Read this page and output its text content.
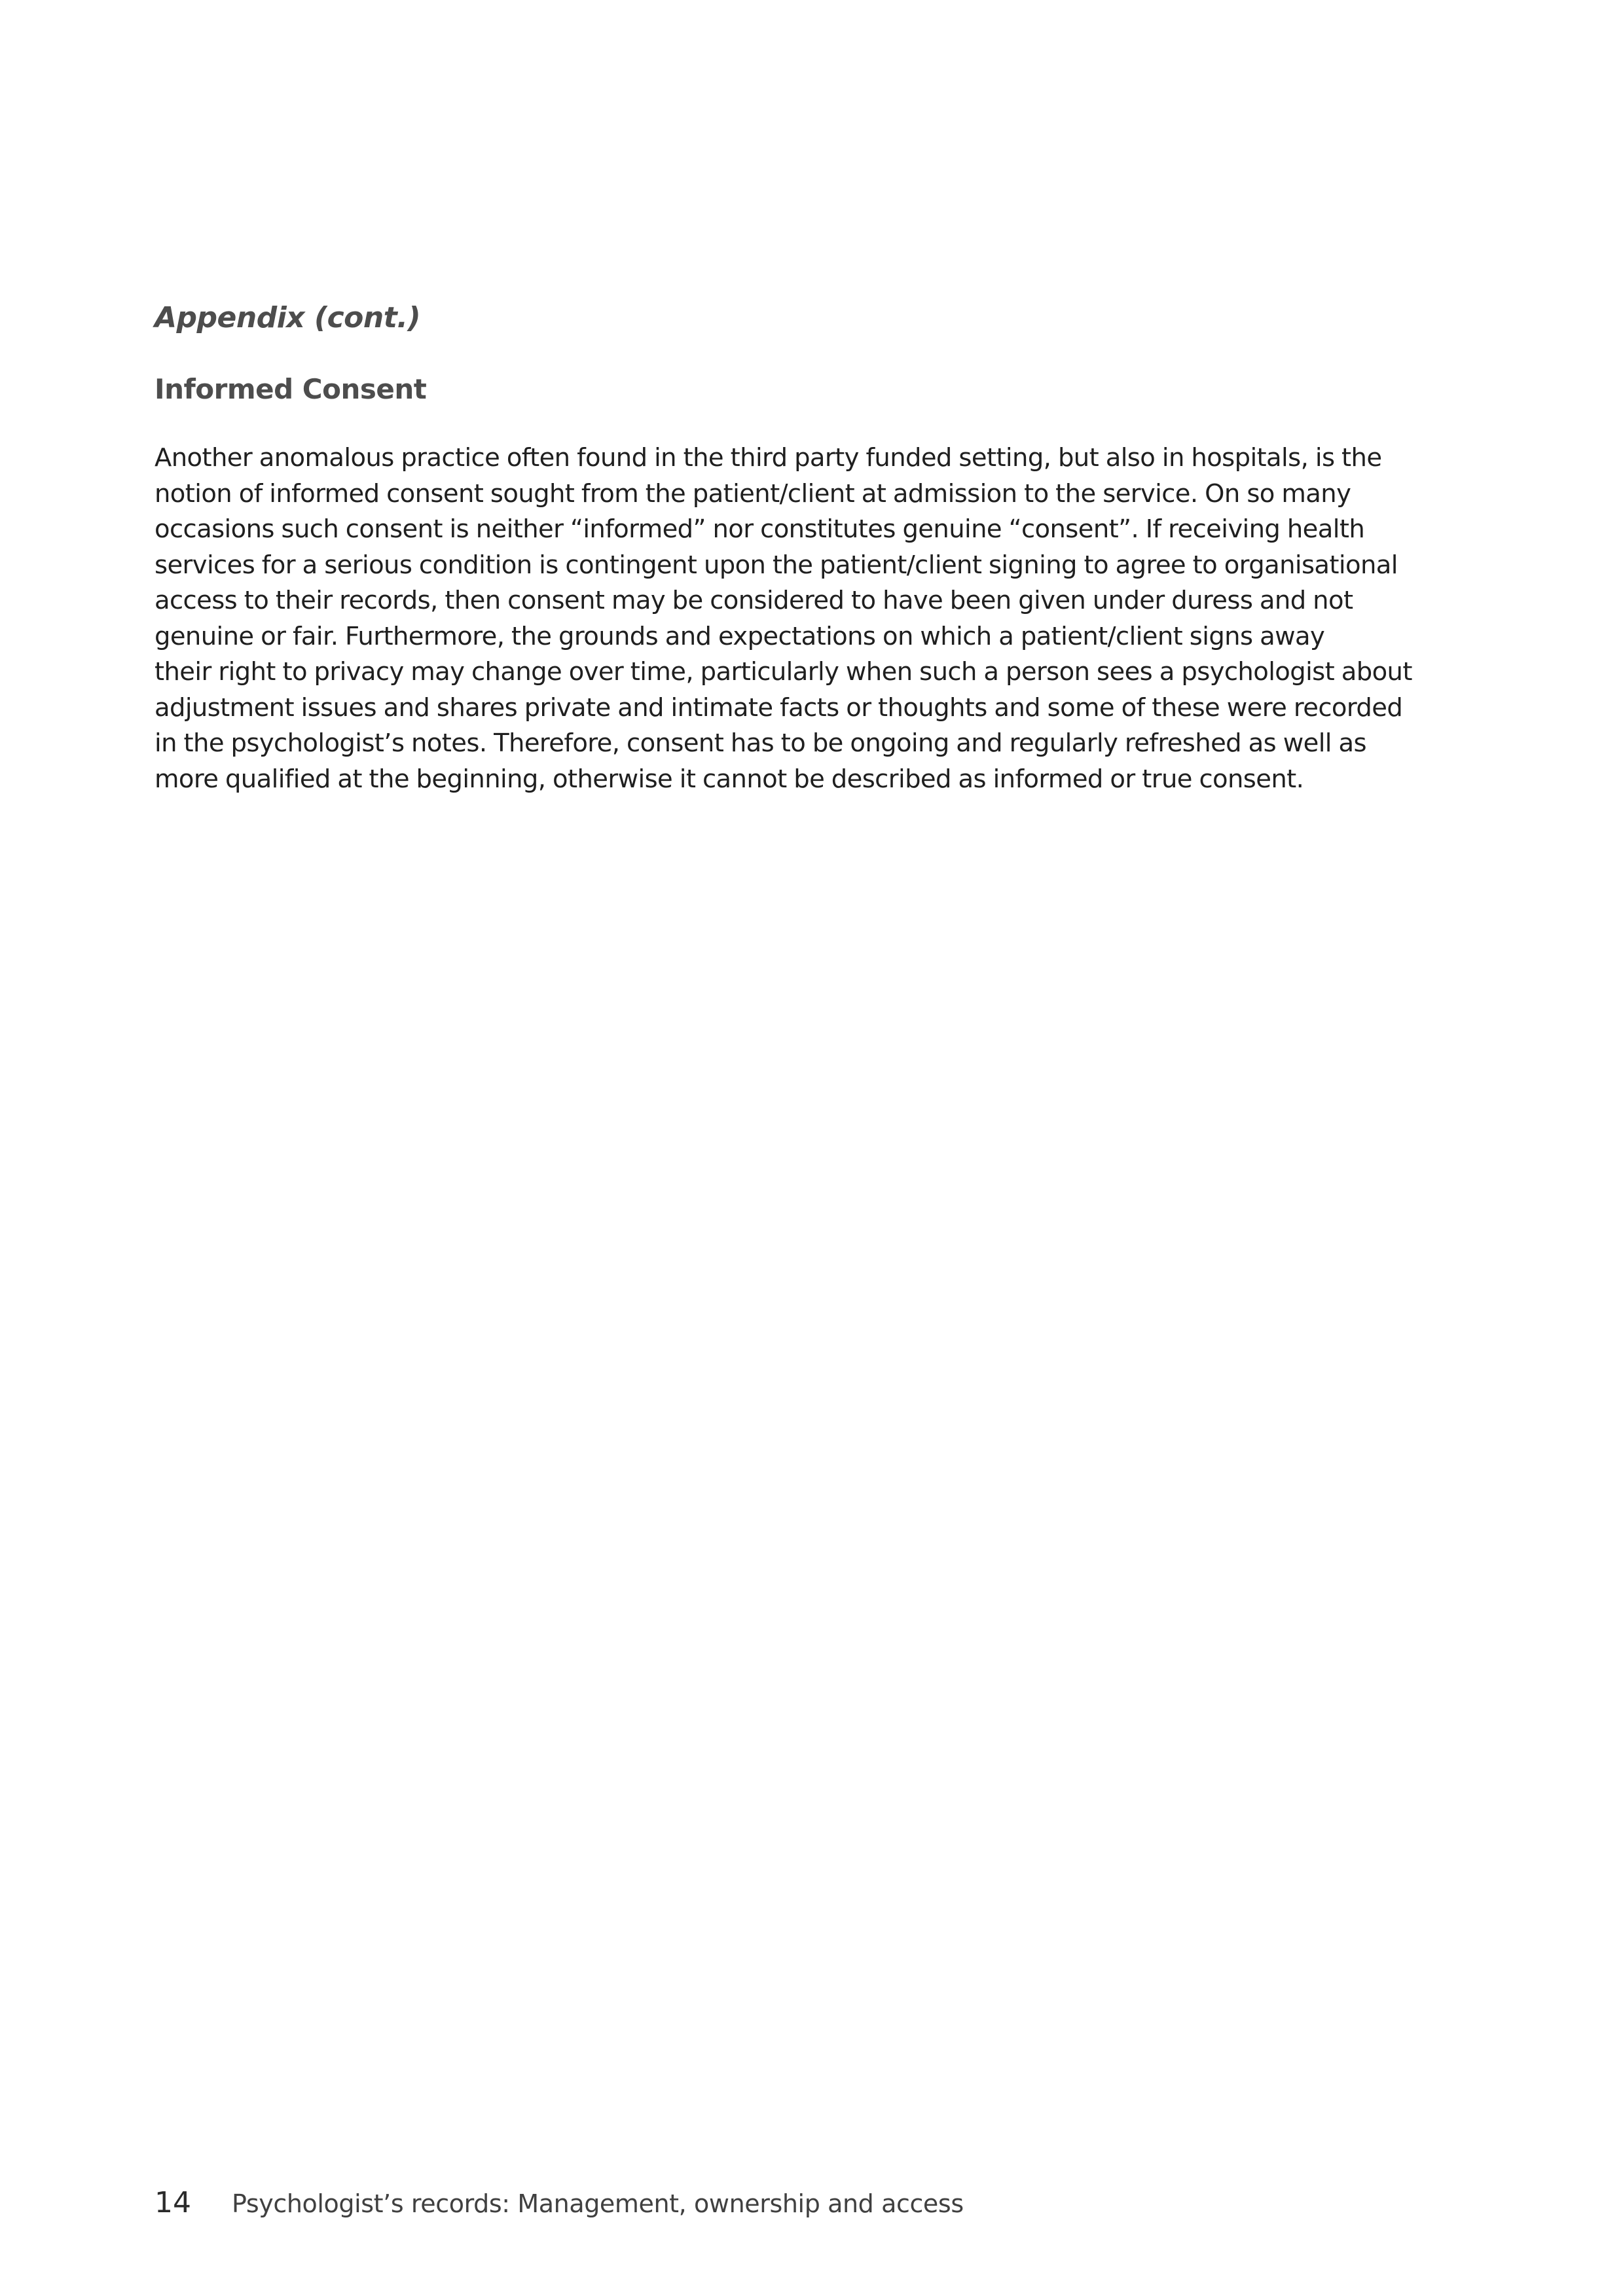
Appendix (cont.)
Informed Consent

Another anomalous practice often found in the third party funded setting, but also in hospitals, is the
notion of informed consent sought from the patient/client at admission to the service. On so many
occasions such consent is neither “informed” nor constitutes genuine “consent”. If receiving health
services for a serious condition is contingent upon the patient/client signing to agree to organisational
access to their records, then consent may be considered to have been given under duress and not
genuine or fair. Furthermore, the grounds and expectations on which a patient/client signs away
their right to privacy may change over time, particularly when such a person sees a psychologist about
adjustment issues and shares private and intimate facts or thoughts and some of these were recorded
in the psychologist’s notes. Therefore, consent has to be ongoing and regularly refreshed as well as
more qualified at the beginning, otherwise it cannot be described as informed or true consent.

14 Psychologist’s records: Management, ownership and access
